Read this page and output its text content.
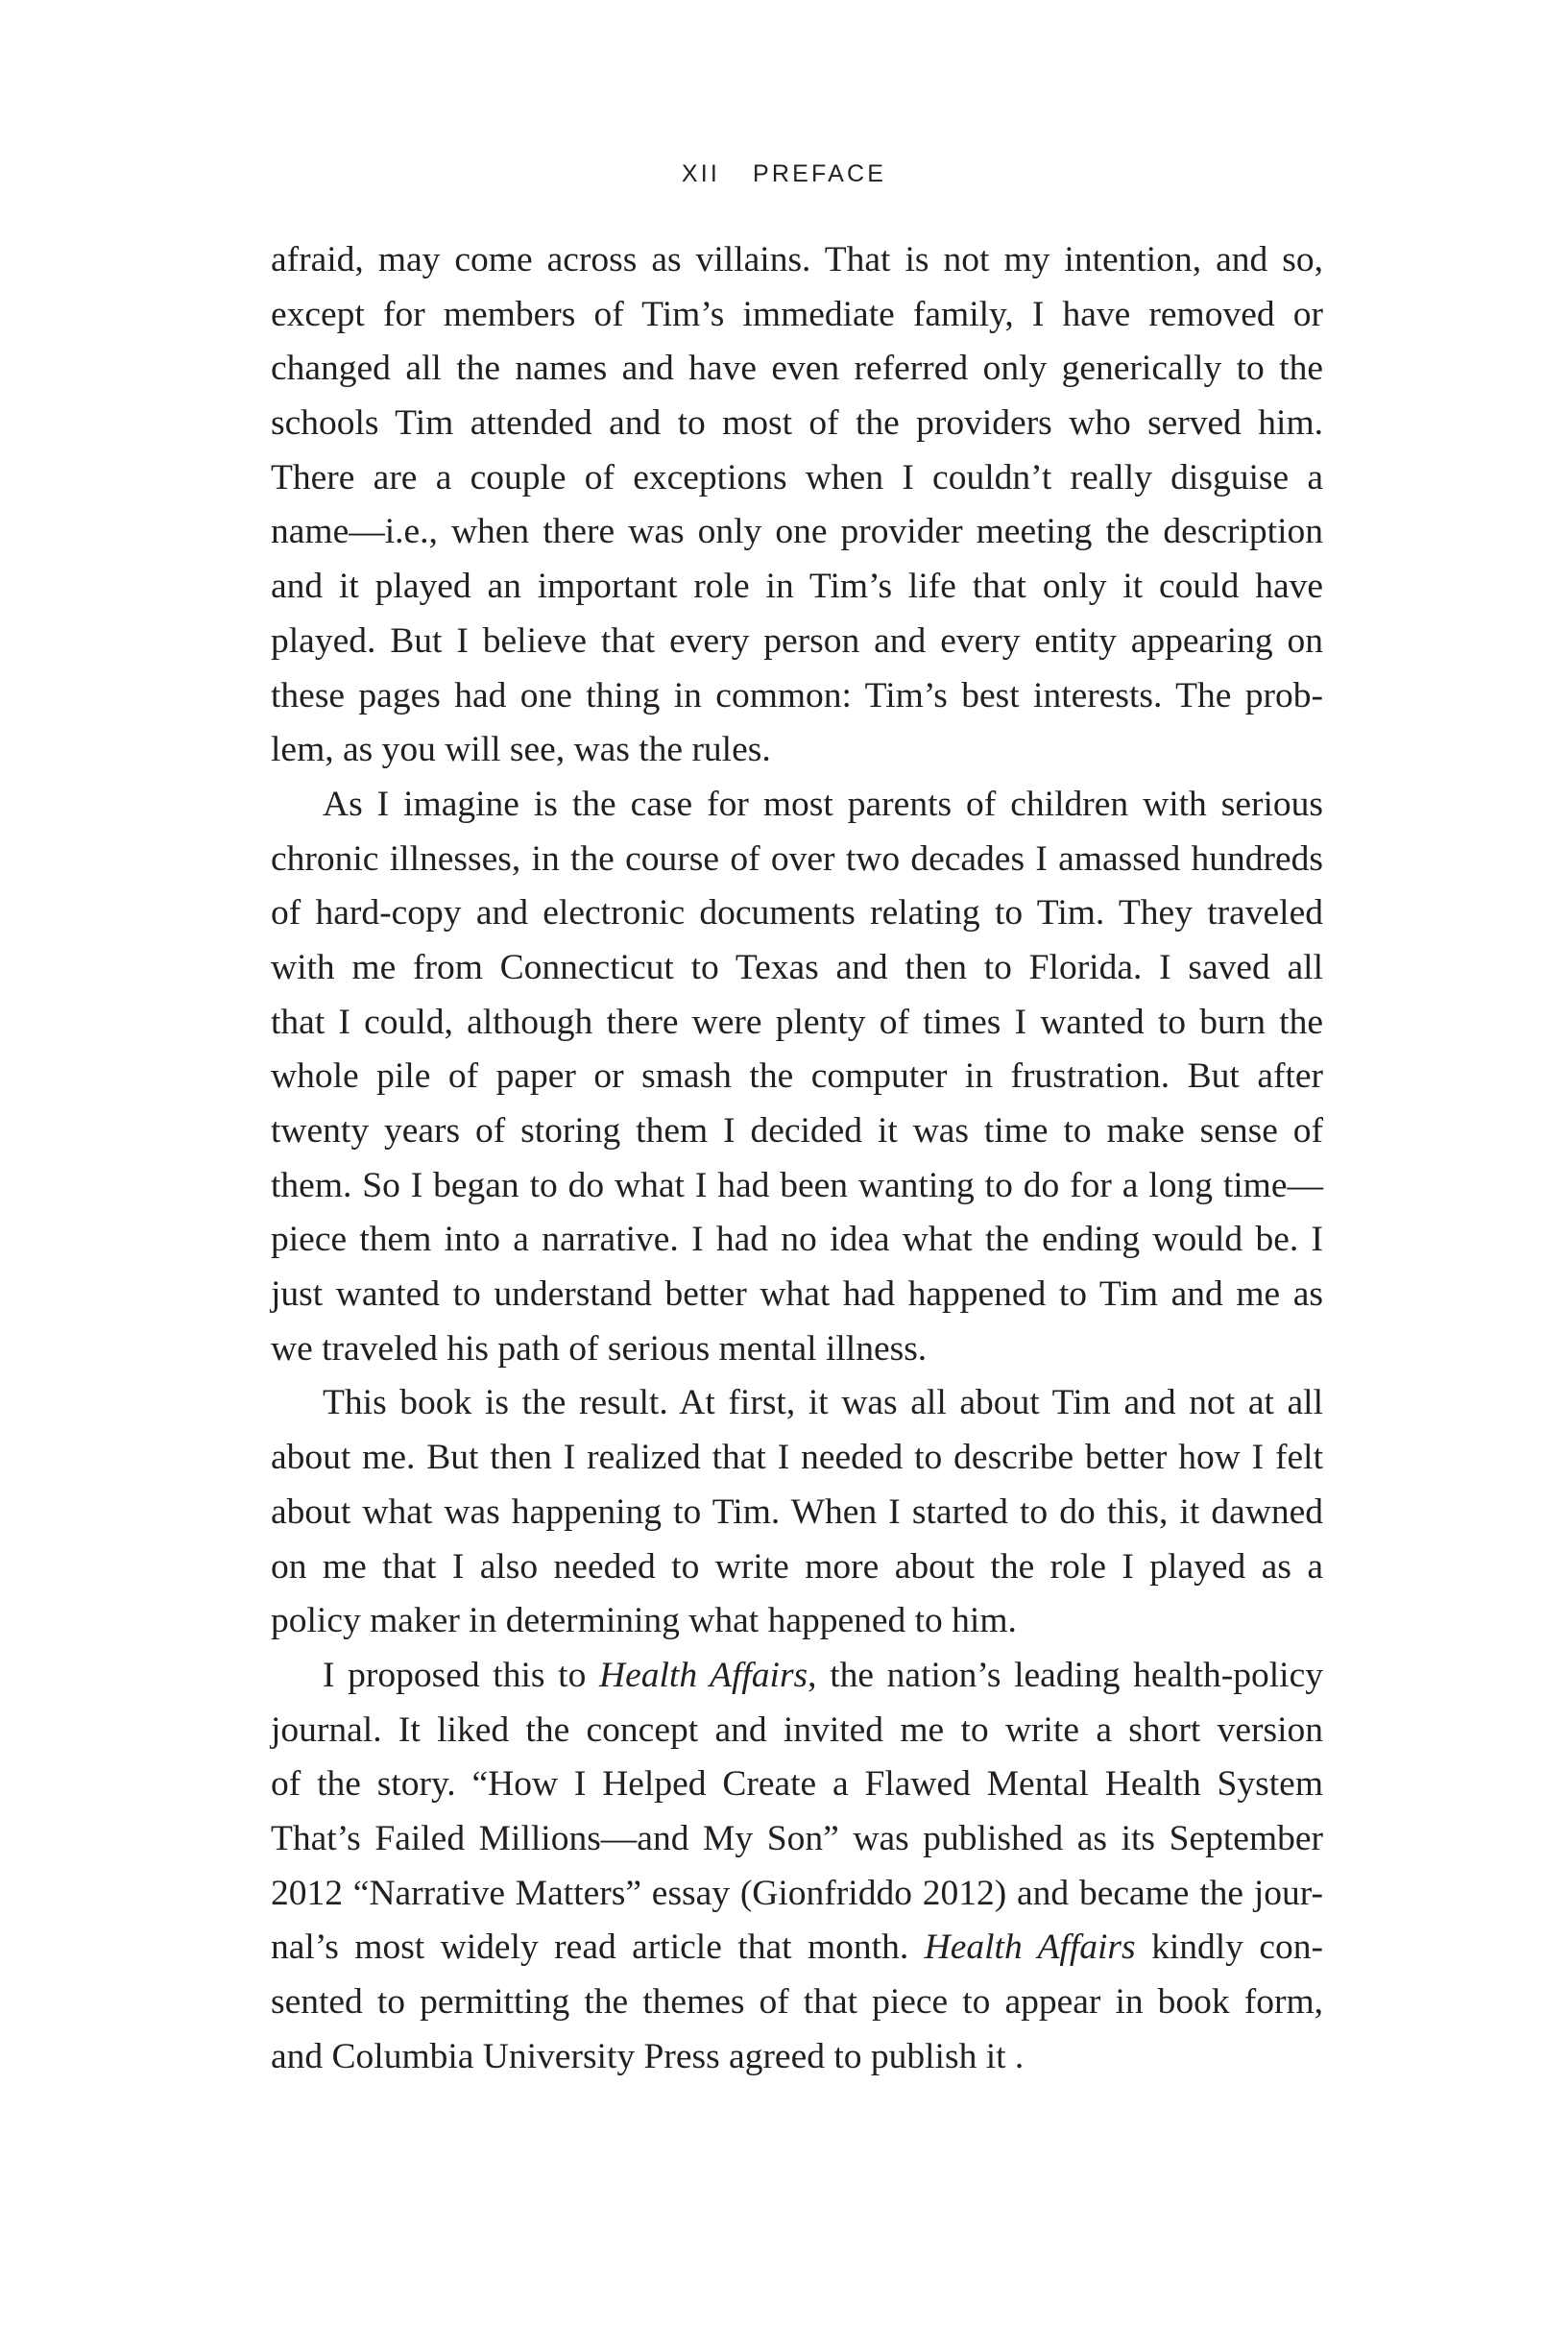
XII PREFACE
afraid, may come across as villains. That is not my intention, and so,
except for members of Tim’s immediate family, I have removed or
changed all the names and have even referred only generically to the
schools Tim attended and to most of the providers who served him.
There are a couple of exceptions when I couldn’t really disguise a
name—i.e., when there was only one provider meeting the description
and it played an important role in Tim’s life that only it could have
played. But I believe that every person and every entity appearing on
these pages had one thing in common: Tim’s best interests. The prob-
lem, as you will see, was the rules.
As I imagine is the case for most parents of children with serious
chronic illnesses, in the course of over two decades I amassed hundreds
of hard-copy and electronic documents relating to Tim. They traveled
with me from Connecticut to Texas and then to Florida. I saved all
that I could, although there were plenty of times I wanted to burn the
whole pile of paper or smash the computer in frustration. But after
twenty years of storing them I decided it was time to make sense of
them. So I began to do what I had been wanting to do for a long time—
piece them into a narrative. I had no idea what the ending would be. I
just wanted to understand better what had happened to Tim and me as
we traveled his path of serious mental illness.
This book is the result. At first, it was all about Tim and not at all
about me. But then I realized that I needed to describe better how I felt
about what was happening to Tim. When I started to do this, it dawned
on me that I also needed to write more about the role I played as a
policy maker in determining what happened to him.
I proposed this to Health Affairs, the nation’s leading health-policy
journal. It liked the concept and invited me to write a short version
of the story. “How I Helped Create a Flawed Mental Health System
That’s Failed Millions—and My Son” was published as its September
2012 “Narrative Matters” essay (Gionfriddo 2012) and became the jour-
nal’s most widely read article that month. Health Affairs kindly con-
sented to permitting the themes of that piece to appear in book form,
and Columbia University Press agreed to publish it .
